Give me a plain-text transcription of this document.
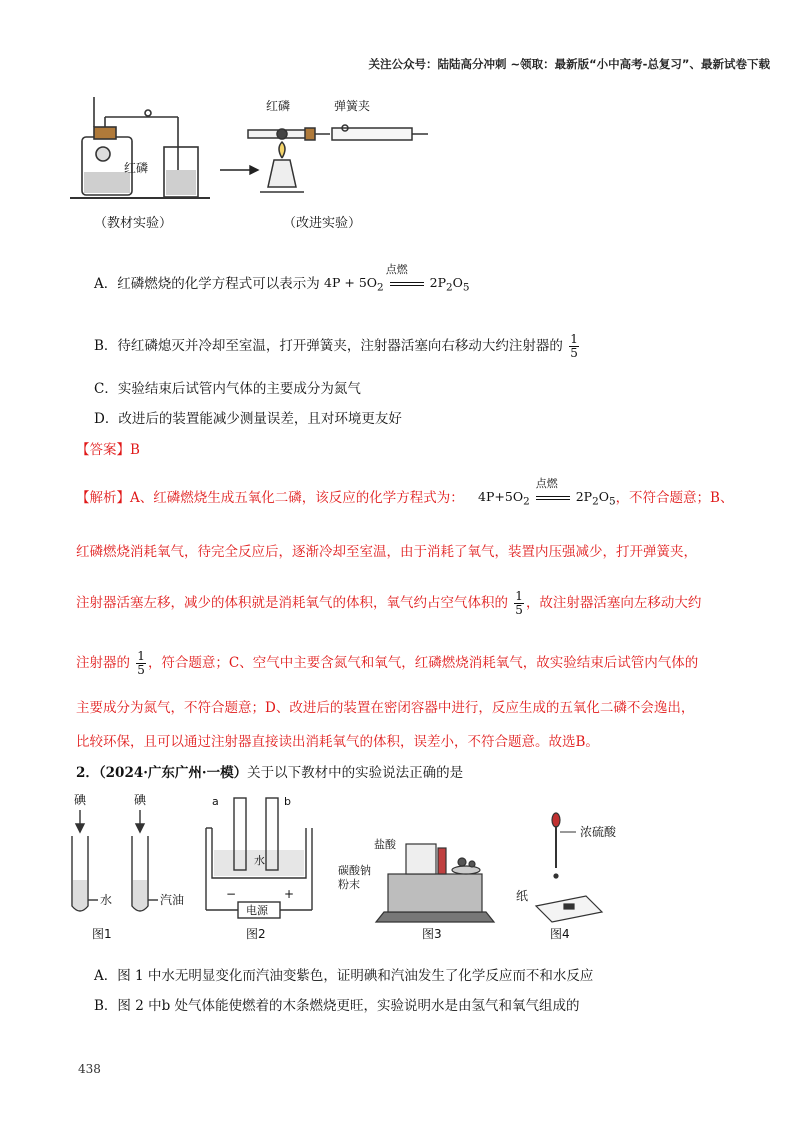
关注公众号：陆陆高分冲刺 ~领取：最新版“小中高考-总复习”、最新试卷下载
红磷
红磷	弹簧夹
（教材实验）	（改进实验）
A．红磷燃烧的化学方程式可以表示为 $4P + 5O_2$
点燃
$2P_2O_5$
B．待红磷熄灭并冷却至室温，打开弹簧夹，注射器活塞向右移动大约注射器的 $\frac{1}{5}$
C．实验结束后试管内气体的主要成分为氮气
D．改进后的装置能减少测量误差，且对环境更友好
【答案】B
【解析】A、红磷燃烧生成五氧化二磷，该反应的化学方程式为： $4P+5O_2$
点燃
$2P_2O_5$，不符合题意；B、
红磷燃烧消耗氧气，待完全反应后，逐渐冷却至室温，由于消耗了氧气，装置内压强减少，打开弹簧夹，
注射器活塞左移，减少的体积就是消耗氧气的体积，氧气约占空气体积的 $\frac{1}{5}$ ，故注射器活塞向左移动大约
注射器的 $\frac{1}{5}$ ，符合题意；C、空气中主要含氮气和氧气，红磷燃烧消耗氧气，故实验结束后试管内气体的
主要成分为氮气，不符合题意；D、改进后的装置在密闭容器中进行，反应生成的五氧化二磷不会逸出，
比较环保，且可以通过注射器直接读出消耗氧气的体积，误差小，不符合题意。故选B。
2．（2024·广东广州·一模）关于以下教材中的实验说法正确的是
碘	碘
水	汽油
图1
a	b
水
−	+
电源
图2
盐酸
碳酸钠
粉末
图3
浓硫酸
纸
图4
A．图 1 中水无明显变化而汽油变紫色，证明碘和汽油发生了化学反应而不和水反应
B．图 2 中b 处气体能使燃着的木条燃烧更旺，实验说明水是由氢气和氧气组成的
438
